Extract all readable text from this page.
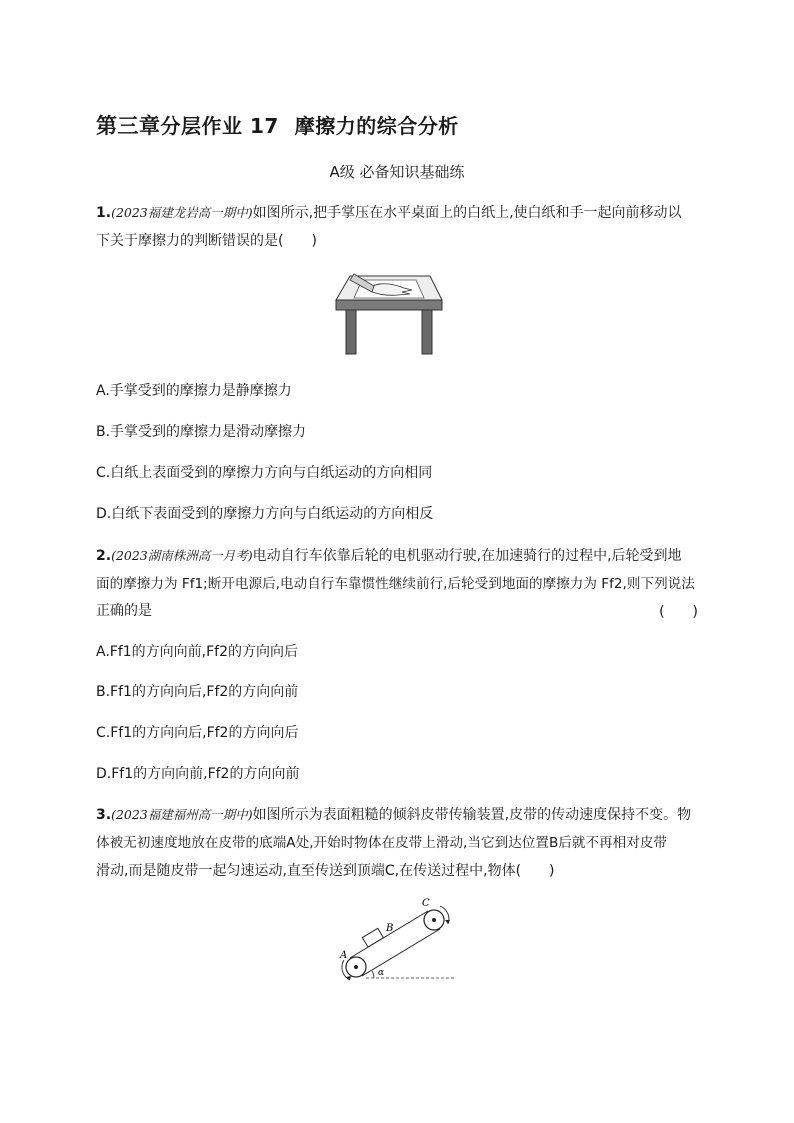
第三章分层作业 17 摩擦力的综合分析
A级 必备知识基础练
1.(2023福建龙岩高一期中)如图所示,把手掌压在水平桌面上的白纸上,使白纸和手一起向前移动以
下关于摩擦力的判断错误的是(　　)
A.手掌受到的摩擦力是静摩擦力
B.手掌受到的摩擦力是滑动摩擦力
C.白纸上表面受到的摩擦力方向与白纸运动的方向相同
D.白纸下表面受到的摩擦力方向与白纸运动的方向相反
2.(2023湖南株洲高一月考)电动自行车依靠后轮的电机驱动行驶,在加速骑行的过程中,后轮受到地
面的摩擦力为 Ff1;断开电源后,电动自行车靠惯性继续前行,后轮受到地面的摩擦力为 Ff2,则下列说法
正确的是	(　　)
A.Ff1的方向向前,Ff2的方向向后
B.Ff1的方向向后,Ff2的方向向前
C.Ff1的方向向后,Ff2的方向向后
D.Ff1的方向向前,Ff2的方向向前
3.(2023福建福州高一期中)如图所示为表面粗糙的倾斜皮带传输装置,皮带的传动速度保持不变。物
体被无初速度地放在皮带的底端A处,开始时物体在皮带上滑动,当它到达位置B后就不再相对皮带
滑动,而是随皮带一起匀速运动,直至传送到顶端C,在传送过程中,物体(　　)
A
B
C
α
